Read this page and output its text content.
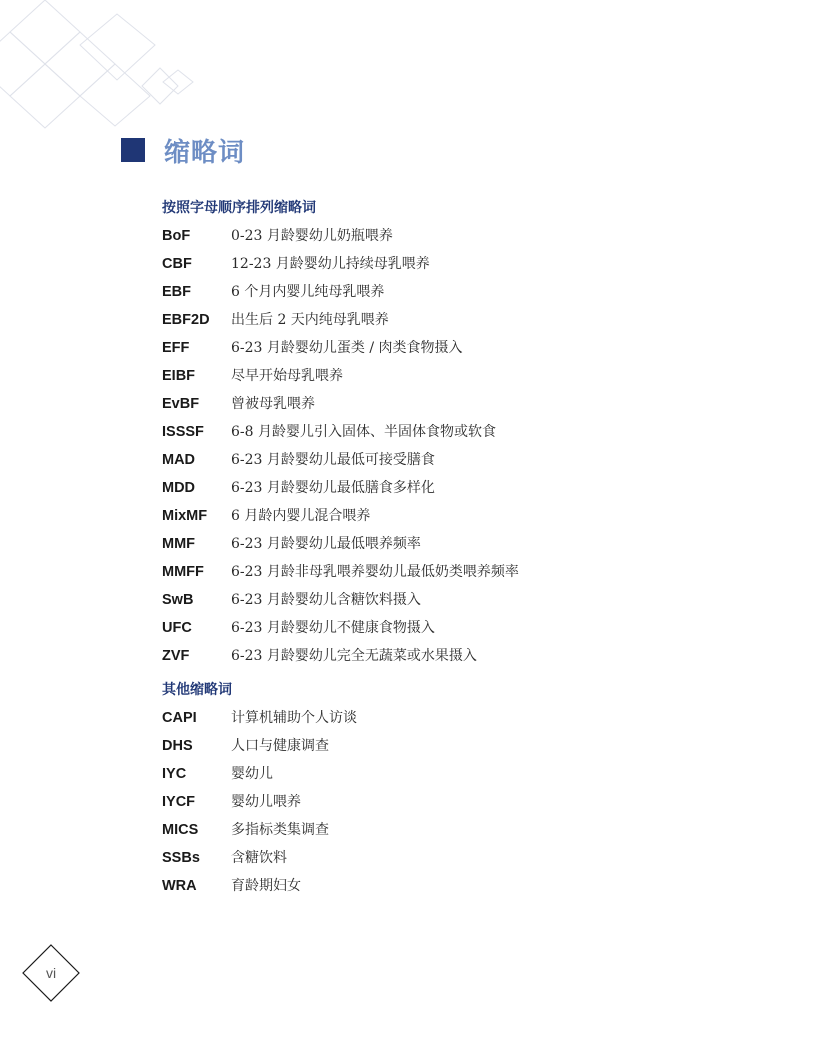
缩略词
按照字母顺序排列缩略词
BoF	0-23 月龄婴幼儿奶瓶喂养
CBF	12-23 月龄婴幼儿持续母乳喂养
EBF	6 个月内婴儿纯母乳喂养
EBF2D	出生后 2 天内纯母乳喂养
EFF	6-23 月龄婴幼儿蛋类 / 肉类食物摄入
EIBF	尽早开始母乳喂养
EvBF	曾被母乳喂养
ISSSF	6-8 月龄婴儿引入固体、半固体食物或软食
MAD	6-23 月龄婴幼儿最低可接受膳食
MDD	6-23 月龄婴幼儿最低膳食多样化
MixMF	6 月龄内婴儿混合喂养
MMF	6-23 月龄婴幼儿最低喂养频率
MMFF	6-23 月龄非母乳喂养婴幼儿最低奶类喂养频率
SwB	6-23 月龄婴幼儿含糖饮料摄入
UFC	6-23 月龄婴幼儿不健康食物摄入
ZVF	6-23 月龄婴幼儿完全无蔬菜或水果摄入
其他缩略词
CAPI	计算机辅助个人访谈
DHS	人口与健康调查
IYC	婴幼儿
IYCF	婴幼儿喂养
MICS	多指标类集调查
SSBs	含糖饮料
WRA	育龄期妇女
vi
